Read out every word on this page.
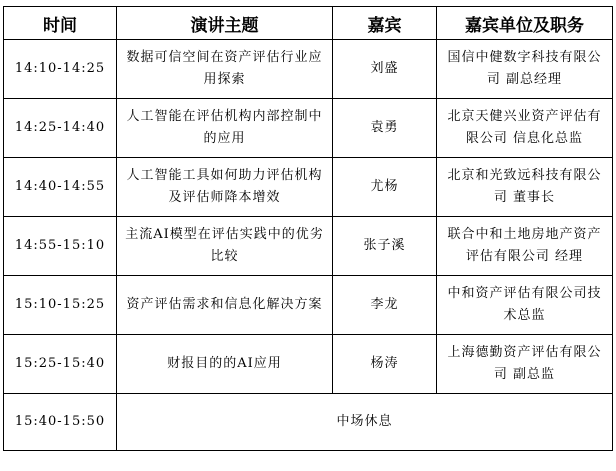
时间	演讲主题	嘉宾	嘉宾单位及职务
14:10-14:25	数据可信空间在资产评估行业应用探索	刘盛	国信中健数字科技有限公司 副总经理
14:25-14:40	人工智能在评估机构内部控制中的应用	袁勇	北京天健兴业资产评估有限公司 信息化总监
14:40-14:55	人工智能工具如何助力评估机构及评估师降本增效	尤杨	北京和光致远科技有限公司 董事长
14:55-15:10	主流AI模型在评估实践中的优劣比较	张子溪	联合中和土地房地产资产评估有限公司 经理
15:10-15:25	资产评估需求和信息化解决方案	李龙	中和资产评估有限公司技术总监
15:25-15:40	财报目的的AI应用	杨涛	上海德勤资产评估有限公司 副总监
15:40-15:50	中场休息		
